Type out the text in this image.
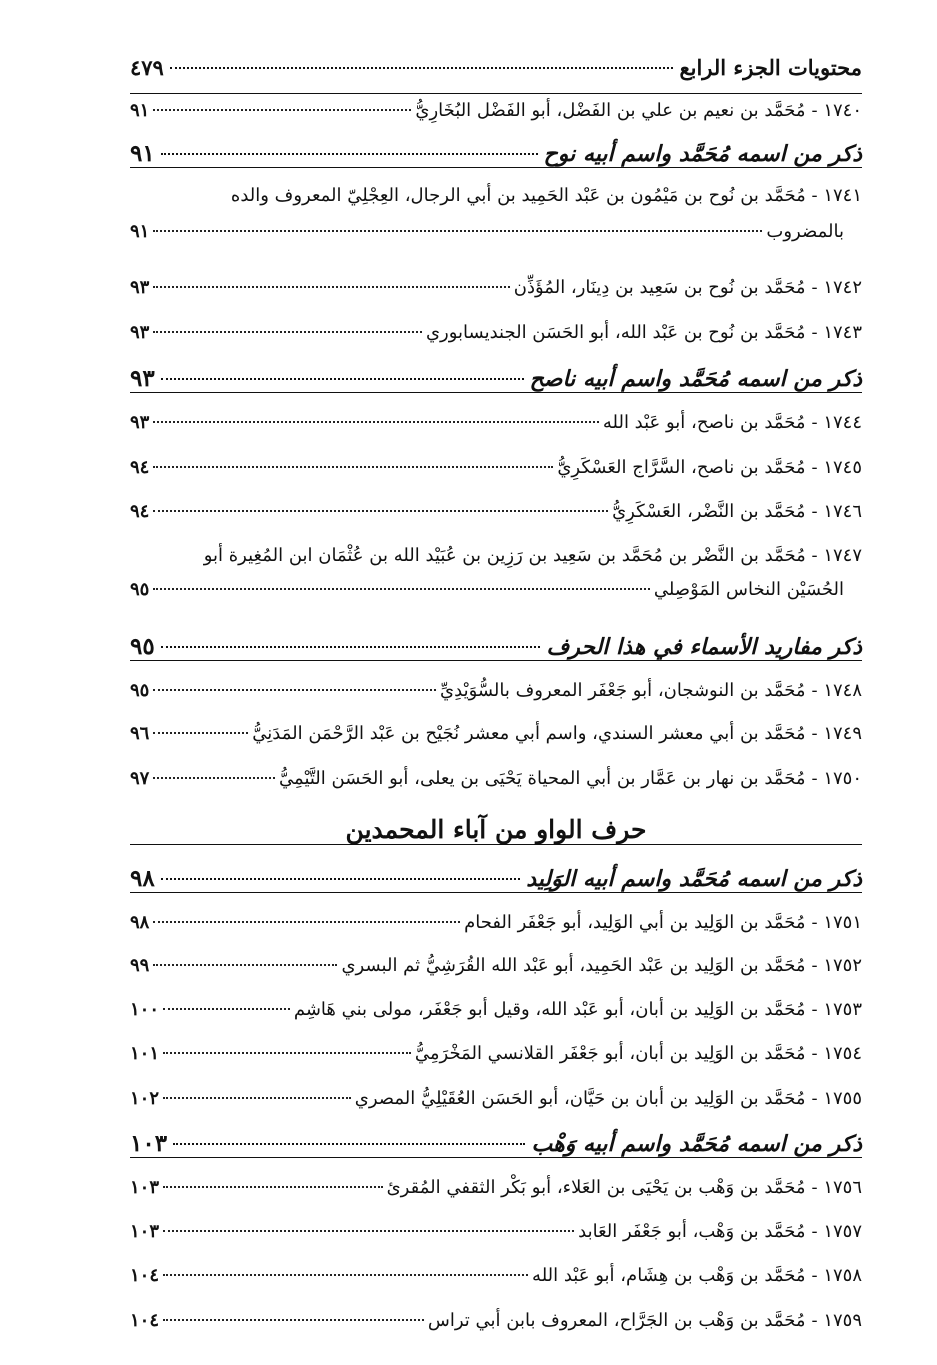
محتويات الجزء الرابع
٤٧٩
١٧٤٠ -
مُحَمَّد بن نعيم بن علي بن الفَضْل، أبو الفَضْل البُخَارِيُّ
٩١
ذكر من اسمه مُحَمَّد واسم أبيه نوح
٩١
١٧٤١ - مُحَمَّد بن نُوح بن مَيْمُون بن عَبْد الحَمِيد بن أبي الرجال، العِجْلِيّ المعروف والده
بالمضروب
٩١
١٧٤٢ -
مُحَمَّد بن نُوح بن سَعِيد بن دِينَار، المُؤَذِّن
٩٣
١٧٤٣ -
مُحَمَّد بن نُوح بن عَبْد الله، أبو الحَسَن الجنديسابوري
٩٣
ذكر من اسمه مُحَمَّد واسم أبيه ناصح
٩٣
١٧٤٤ -
مُحَمَّد بن ناصح، أبو عَبْد الله
٩٣
١٧٤٥ -
مُحَمَّد بن ناصح، السَّرَّاج العَسْكَرِيُّ
٩٤
١٧٤٦ -
مُحَمَّد بن النَّضْر، العَسْكَرِيُّ
٩٤
١٧٤٧ - مُحَمَّد بن النَّضْر بن مُحَمَّد بن سَعِيد بن رَزِين بن عُبَيْد الله بن عُثْمَان ابن المُغِيرة أبو
الحُسَيْن النخاس المَوْصِلي
٩٥
ذكر مفاريد الأسماء في هذا الحرف
٩٥
١٧٤٨ -
مُحَمَّد بن النوشجان، أبو جَعْفَر المعروف بالسُّوَيْدِيِّ
٩٥
١٧٤٩ -
مُحَمَّد بن أبي معشر السندي، واسم أبي معشر نُجَيْح بن عَبْد الرَّحْمَن المَدَنِيُّ
٩٦
١٧٥٠ -
مُحَمَّد بن نهار بن عَمَّار بن أبي المحياة يَحْيَى بن يعلى، أبو الحَسَن التَّيْمِيُّ
٩٧
حرف الواو من آباء المحمدين
ذكر من اسمه مُحَمَّد واسم أبيه الوَلِيد
٩٨
١٧٥١ -
مُحَمَّد بن الوَلِيد بن أبي الوَلِيد، أبو جَعْفَر الفحام
٩٨
١٧٥٢ -
مُحَمَّد بن الوَلِيد بن عَبْد الحَمِيد، أبو عَبْد الله القُرَشِيُّ ثم البسري
٩٩
١٧٥٣ -
مُحَمَّد بن الوَلِيد بن أبان، أبو عَبْد الله، وقيل أبو جَعْفَر، مولى بني هَاشِم
١٠٠
١٧٥٤ -
مُحَمَّد بن الوَلِيد بن أبان، أبو جَعْفَر القلانسي المَخْرَمِيُّ
١٠١
١٧٥٥ -
مُحَمَّد بن الوَلِيد بن أبان بن حَيَّان، أبو الحَسَن العُقَيْلِيُّ المصري
١٠٢
ذكر من اسمه مُحَمَّد واسم أبيه وَهْب
١٠٣
١٧٥٦ -
مُحَمَّد بن وَهْب بن يَحْيَى بن العَلاء، أبو بَكْر الثقفي المُقرئ
١٠٣
١٧٥٧ -
مُحَمَّد بن وَهْب، أبو جَعْفَر العَابد
١٠٣
١٧٥٨ -
مُحَمَّد بن وَهْب بن هِشَام، أبو عَبْد الله
١٠٤
١٧٥٩ -
مُحَمَّد بن وَهْب بن الجَرَّاح، المعروف بابن أبي تراس
١٠٤
